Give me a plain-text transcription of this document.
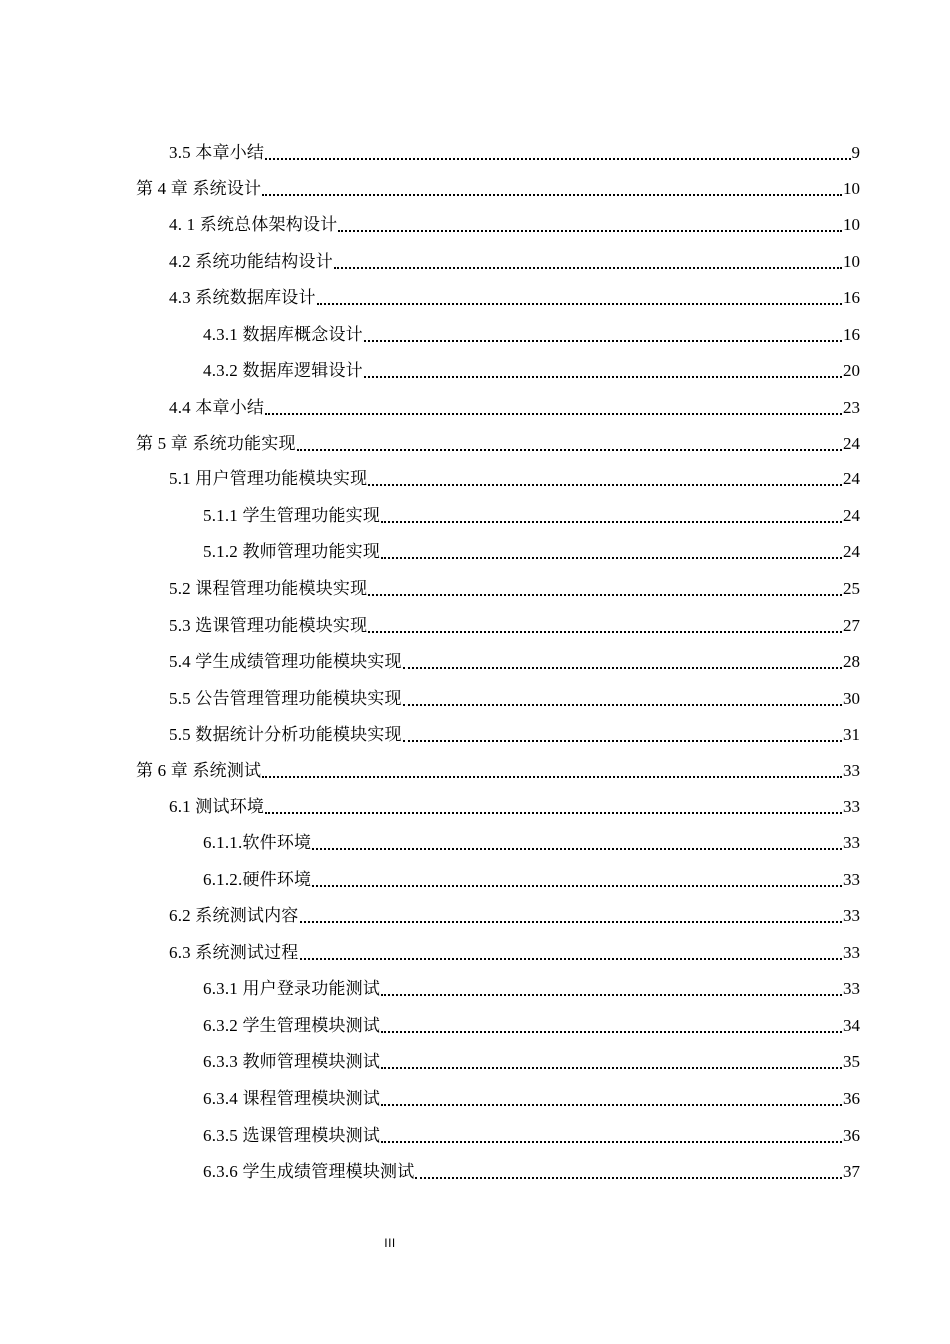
3.5 本章小结	9
第 4 章 系统设计	10
4. 1 系统总体架构设计	10
4.2 系统功能结构设计	10
4.3 系统数据库设计	16
4.3.1 数据库概念设计	16
4.3.2 数据库逻辑设计	20
4.4 本章小结	23
第 5 章 系统功能实现	24
5.1 用户管理功能模块实现	24
5.1.1 学生管理功能实现	24
5.1.2 教师管理功能实现	24
5.2 课程管理功能模块实现	25
5.3 选课管理功能模块实现	27
5.4 学生成绩管理功能模块实现	28
5.5 公告管理管理功能模块实现	30
5.5 数据统计分析功能模块实现	31
第 6 章 系统测试	33
6.1 测试环境	33
6.1.1.软件环境	33
6.1.2.硬件环境	33
6.2 系统测试内容	33
6.3 系统测试过程	33
6.3.1 用户登录功能测试	33
6.3.2 学生管理模块测试	34
6.3.3 教师管理模块测试	35
6.3.4 课程管理模块测试	36
6.3.5 选课管理模块测试	36
6.3.6 学生成绩管理模块测试	37
III
